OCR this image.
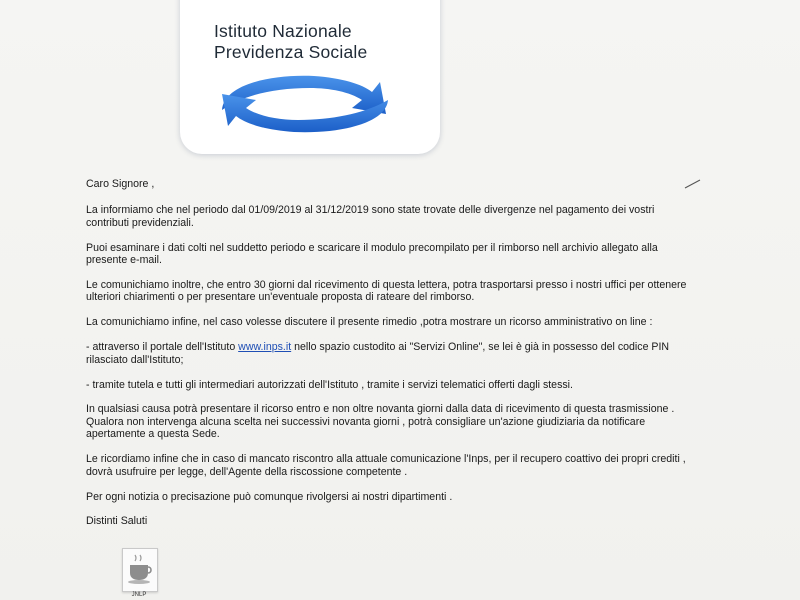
Istituto Nazionale
Previdenza Sociale

Caro Signore ,

La informiamo che nel periodo dal 01/09/2019 al 31/12/2019 sono state trovate delle divergenze nel pagamento dei vostri

contributi previdenziali.

Puoi esaminare i dati colti nel suddetto periodo e scaricare il modulo precompilato per il rimborso nell archivio allegato alla

presente e-mail.

Le comunichiamo inoltre, che entro 30 giorni dal ricevimento di questa lettera, potra trasportarsi presso i nostri uffici per ottenere

ulteriori chiarimenti o per presentare un'eventuale proposta di rateare del rimborso.

La comunichiamo infine, nel caso volesse discutere il presente rimedio ,potra mostrare un ricorso amministrativo on line :

- attraverso il portale dell'Istituto www.inps.it nello spazio custodito ai "Servizi Online", se lei è già in possesso del codice PIN

rilasciato dall'Istituto;

- tramite tutela e tutti gli intermediari autorizzati dell'Istituto , tramite i servizi telematici offerti dagli stessi.

In qualsiasi causa potrà presentare il ricorso entro e non oltre novanta giorni dalla data di ricevimento di questa trasmissione .

Qualora non intervenga alcuna scelta nei successivi novanta giorni , potrà consigliare un'azione giudiziaria da notificare

apertamente a questa Sede.

Le ricordiamo infine che in caso di mancato riscontro alla attuale comunicazione l'Inps, per il recupero coattivo dei propri crediti ,

dovrà usufruire per legge, dell'Agente della riscossione competente .

Per ogni notizia o precisazione può comunque rivolgersi ai nostri dipartimenti .

Distinti Saluti

JNLP
